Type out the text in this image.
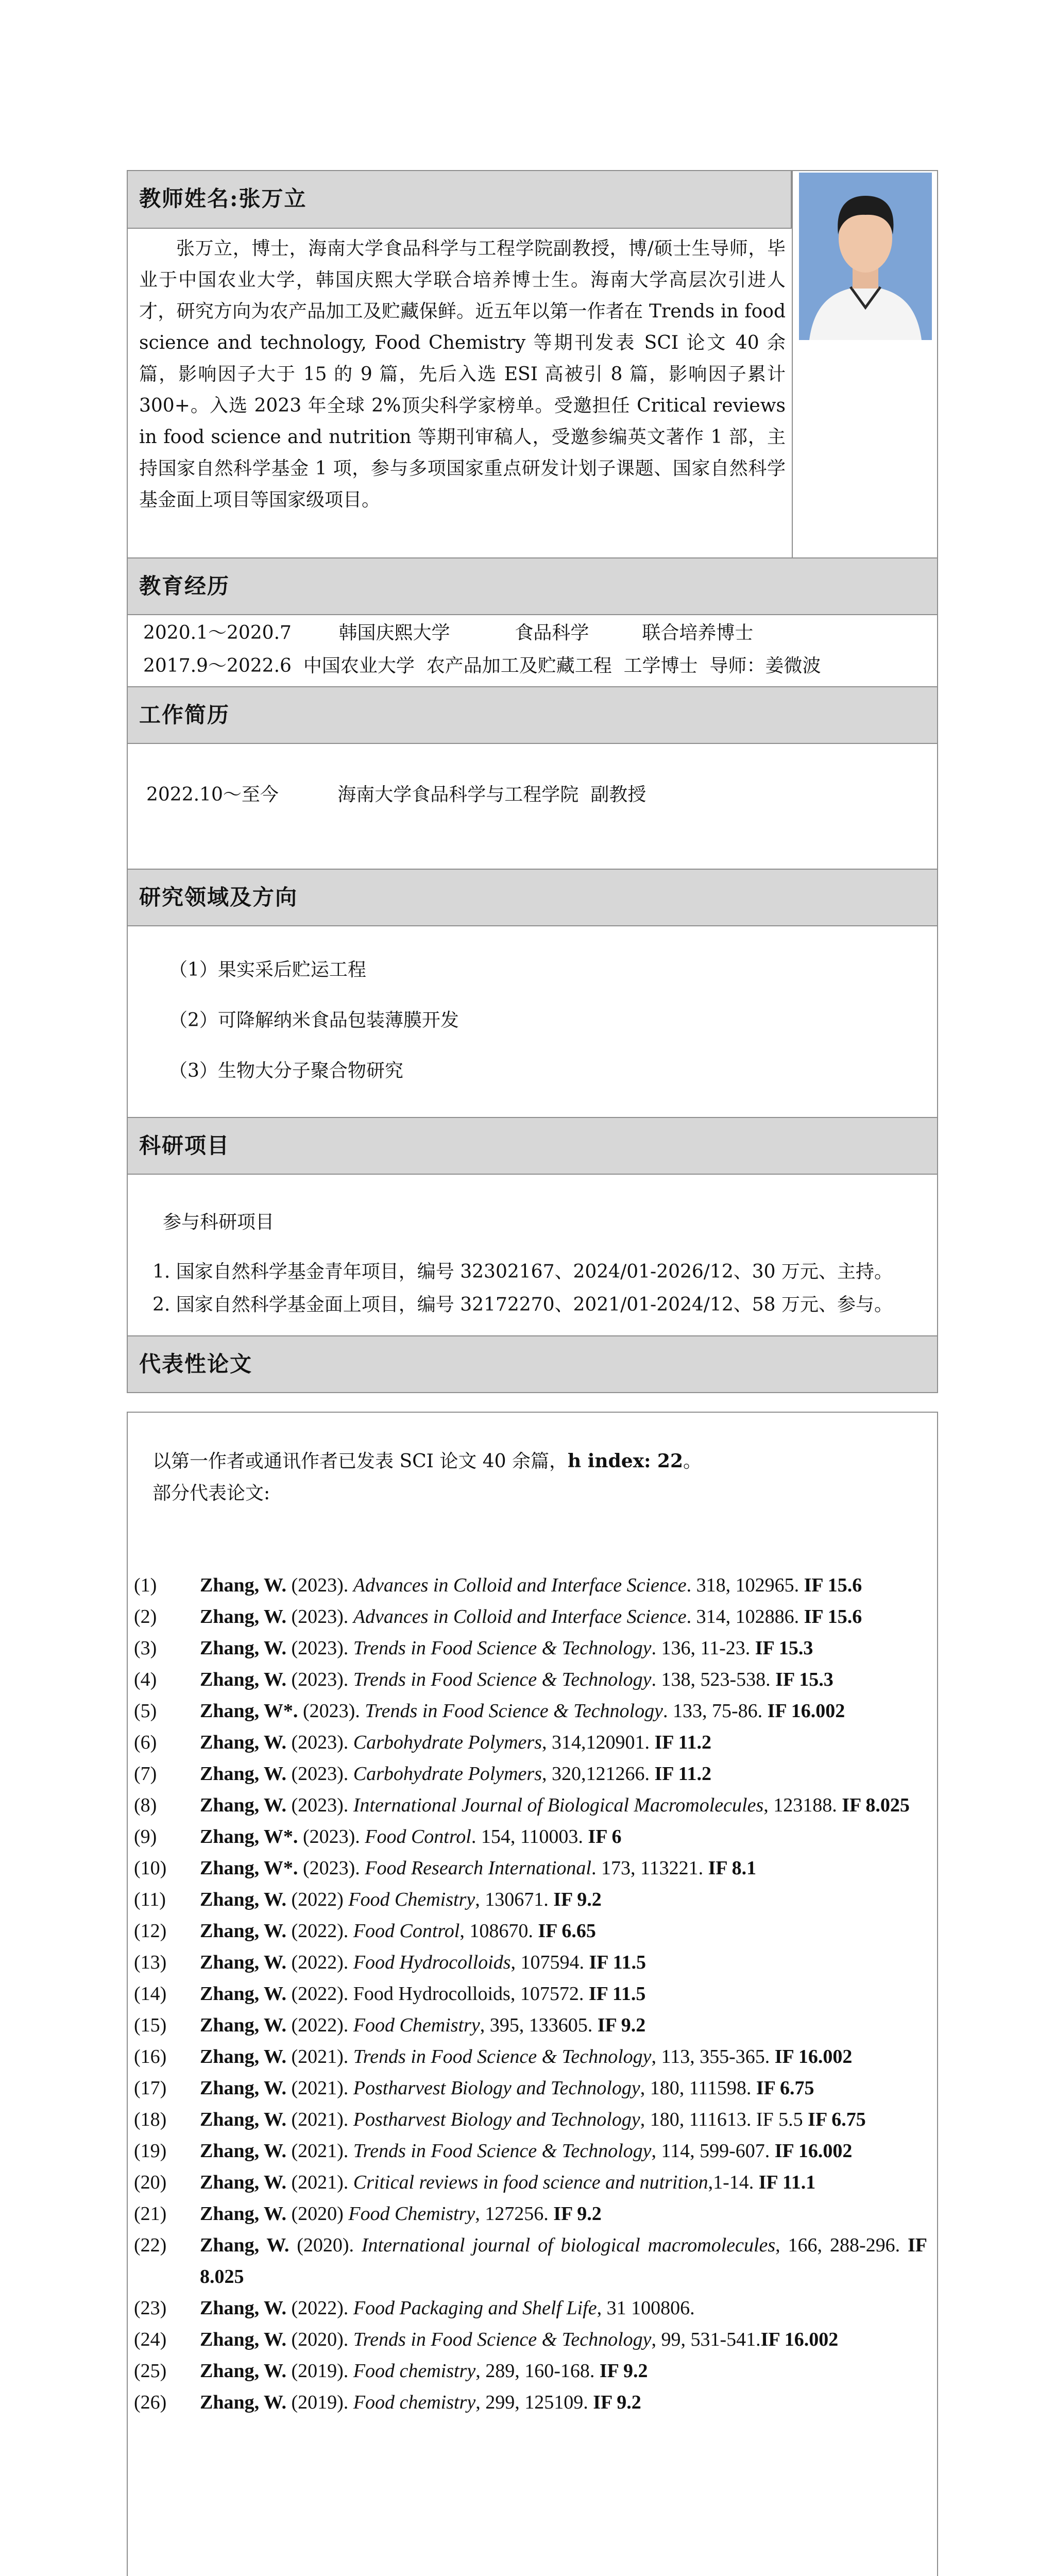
教师姓名:张万立

张万立，博士，海南大学食品科学与工程学院副教授，博/硕士生导师，毕业于中国农业大学，韩国庆熙大学联合培养博士生。海南大学高层次引进人才，研究方向为农产品加工及贮藏保鲜。近五年以第一作者在 Trends in food science and technology, Food Chemistry 等期刊发表 SCI 论文 40 余篇，影响因子大于 15 的 9 篇，先后入选 ESI 高被引 8 篇，影响因子累计 300+。入选 2023 年全球 2%顶尖科学家榜单。受邀担任 Critical reviews in food science and nutrition 等期刊审稿人，受邀参编英文著作 1 部，主持国家自然科学基金 1 项，参与多项国家重点研发计划子课题、国家自然科学基金面上项目等国家级项目。

教育经历
2020.1～2020.7        韩国庆熙大学           食品科学         联合培养博士
2017.9～2022.6  中国农业大学  农产品加工及贮藏工程  工学博士  导师：姜微波
工作简历
2022.10～至今          海南大学食品科学与工程学院  副教授
研究领域及方向
（1）果实采后贮运工程
（2）可降解纳米食品包装薄膜开发
（3）生物大分子聚合物研究
科研项目
参与科研项目
1. 国家自然科学基金青年项目，编号 32302167、2024/01-2026/12、30 万元、主持。
2. 国家自然科学基金面上项目，编号 32172270、2021/01-2024/12、58 万元、参与。
代表性论文
以第一作者或通讯作者已发表 SCI 论文 40 余篇，h index: 22。
部分代表论文:

(1) Zhang, W. (2023). Advances in Colloid and Interface Science. 318, 102965. IF 15.6

(2) Zhang, W. (2023). Advances in Colloid and Interface Science. 314, 102886. IF 15.6

(3) Zhang, W. (2023). Trends in Food Science & Technology. 136, 11-23. IF 15.3

(4) Zhang, W. (2023). Trends in Food Science & Technology. 138, 523-538. IF 15.3

(5) Zhang, W*. (2023). Trends in Food Science & Technology. 133, 75-86. IF 16.002

(6) Zhang, W. (2023). Carbohydrate Polymers, 314,120901. IF 11.2

(7) Zhang, W. (2023). Carbohydrate Polymers, 320,121266. IF 11.2

(8) Zhang, W. (2023). International Journal of Biological Macromolecules, 123188. IF 8.025

(9) Zhang, W*. (2023). Food Control. 154, 110003. IF 6

(10) Zhang, W*. (2023). Food Research International. 173, 113221. IF 8.1

(11) Zhang, W. (2022) Food Chemistry, 130671. IF 9.2

(12) Zhang, W. (2022). Food Control, 108670. IF 6.65

(13) Zhang, W. (2022). Food Hydrocolloids, 107594. IF 11.5

(14) Zhang, W. (2022). Food Hydrocolloids, 107572. IF 11.5

(15) Zhang, W. (2022). Food Chemistry, 395, 133605. IF 9.2

(16) Zhang, W. (2021). Trends in Food Science & Technology, 113, 355-365. IF 16.002

(17) Zhang, W. (2021). Postharvest Biology and Technology, 180, 111598. IF 6.75

(18) Zhang, W. (2021). Postharvest Biology and Technology, 180, 111613. IF 5.5 IF 6.75

(19) Zhang, W. (2021). Trends in Food Science & Technology, 114, 599-607. IF 16.002

(20) Zhang, W. (2021). Critical reviews in food science and nutrition,1-14. IF 11.1

(21) Zhang, W. (2020) Food Chemistry, 127256. IF 9.2

(22) Zhang, W. (2020). International journal of biological macromolecules, 166, 288-296. IF 8.025

(23) Zhang, W. (2022). Food Packaging and Shelf Life, 31 100806.

(24) Zhang, W. (2020). Trends in Food Science & Technology, 99, 531-541.IF 16.002

(25) Zhang, W. (2019). Food chemistry, 289, 160-168. IF 9.2

(26) Zhang, W. (2019). Food chemistry, 299, 125109. IF 9.2
